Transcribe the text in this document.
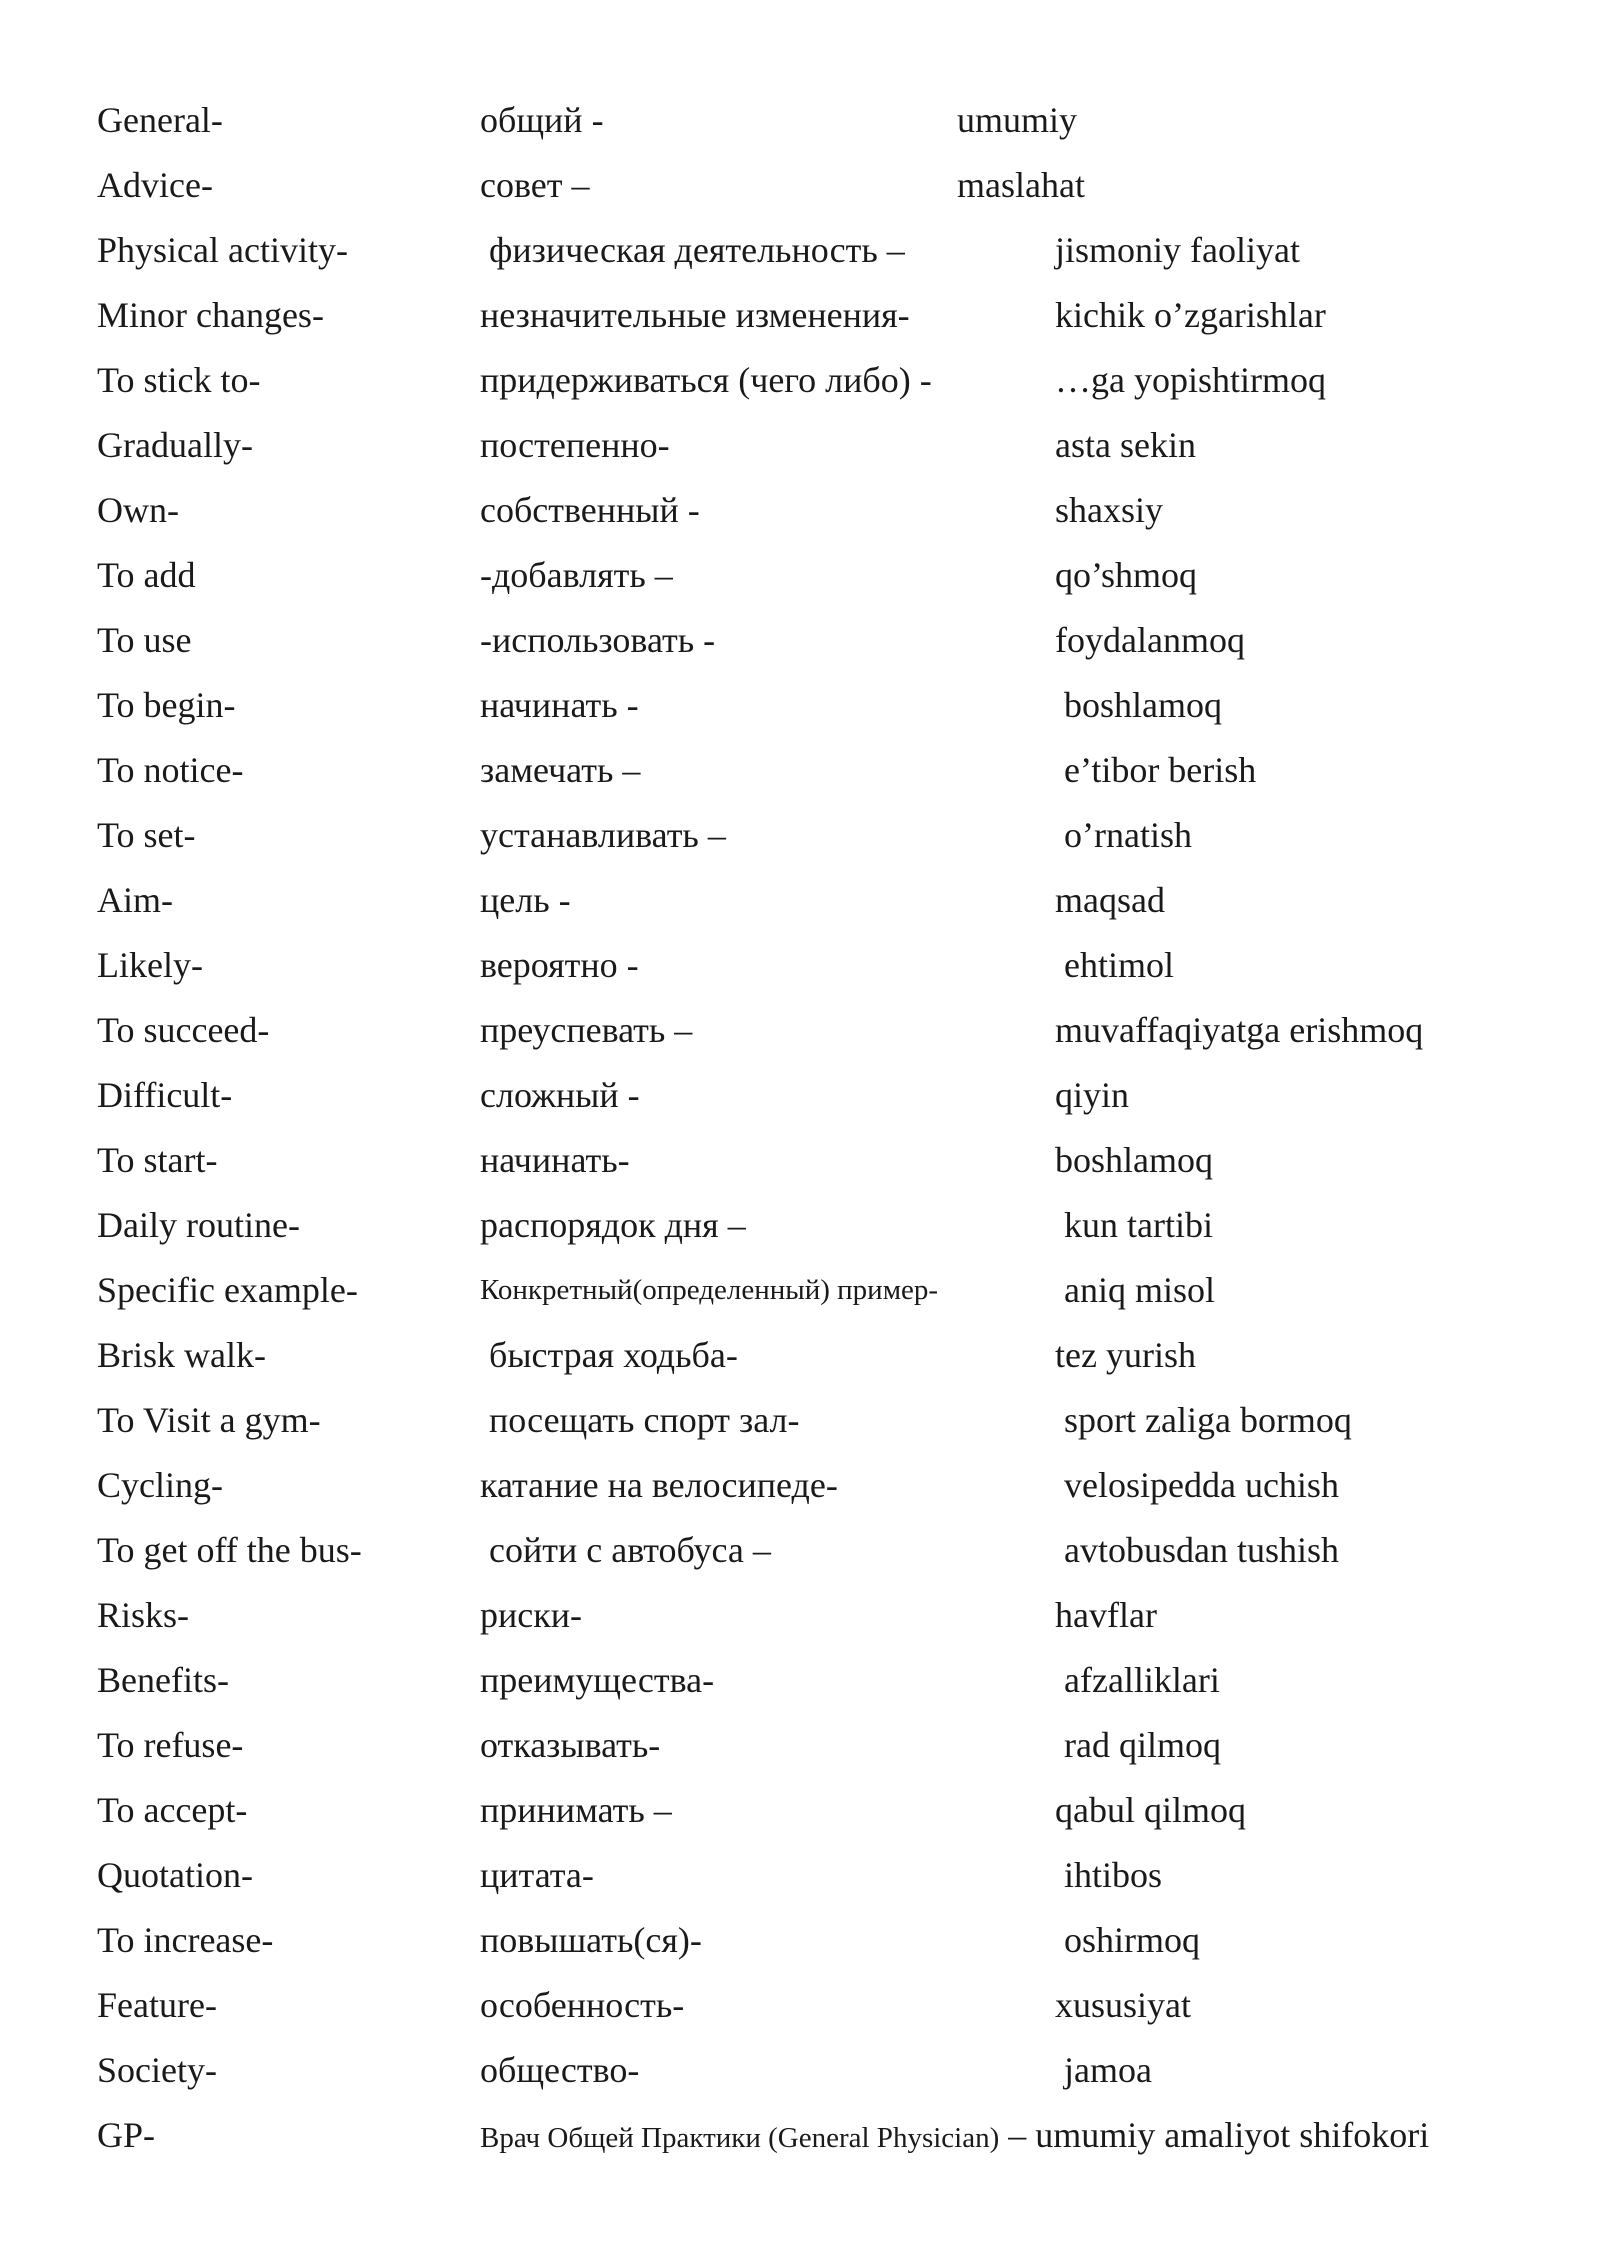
General-	общий -	umumiy
Advice-	совет –	maslahat
Physical activity-	физическая деятельность –	jismoniy faoliyat
Minor changes-	незначительные изменения-	kichik o’zgarishlar
To stick to-	придерживаться (чего либо) -	…ga yopishtirmoq
Gradually-	постепенно-	asta sekin
Own-	собственный -	shaxsiy
To add	-добавлять –	qo’shmoq
To use	-использовать -	foydalanmoq
To begin-	начинать -	boshlamoq
To notice-	замечать –	e’tibor berish
To set-	устанавливать –	o’rnatish
Aim-	цель -	maqsad
Likely-	вероятно -	ehtimol
To succeed-	преуспевать –	muvaffaqiyatga erishmoq
Difficult-	сложный -	qiyin
To start-	начинать-	boshlamoq
Daily routine-	распорядок дня –	kun tartibi
Specific example-	Конкретный(определенный) пример-	aniq misol
Brisk walk-	быстрая ходьба-	tez yurish
To Visit a gym-	посещать спорт зал-	sport zaliga bormoq
Cycling-	катание на велосипеде-	velosipedda uchish
To get off the bus-	сойти с автобуса –	avtobusdan tushish
Risks-	риски-	havflar
Benefits-	преимущества-	afzalliklari
To refuse-	отказывать-	rad qilmoq
To accept-	принимать –	qabul qilmoq
Quotation-	цитата-	ihtibos
To increase-	повышать(ся)-	oshirmoq
Feature-	особенность-	xususiyat
Society-	общество-	jamoa
GP-	Врач Общей Практики (General Physician) – umumiy amaliyot shifokori
